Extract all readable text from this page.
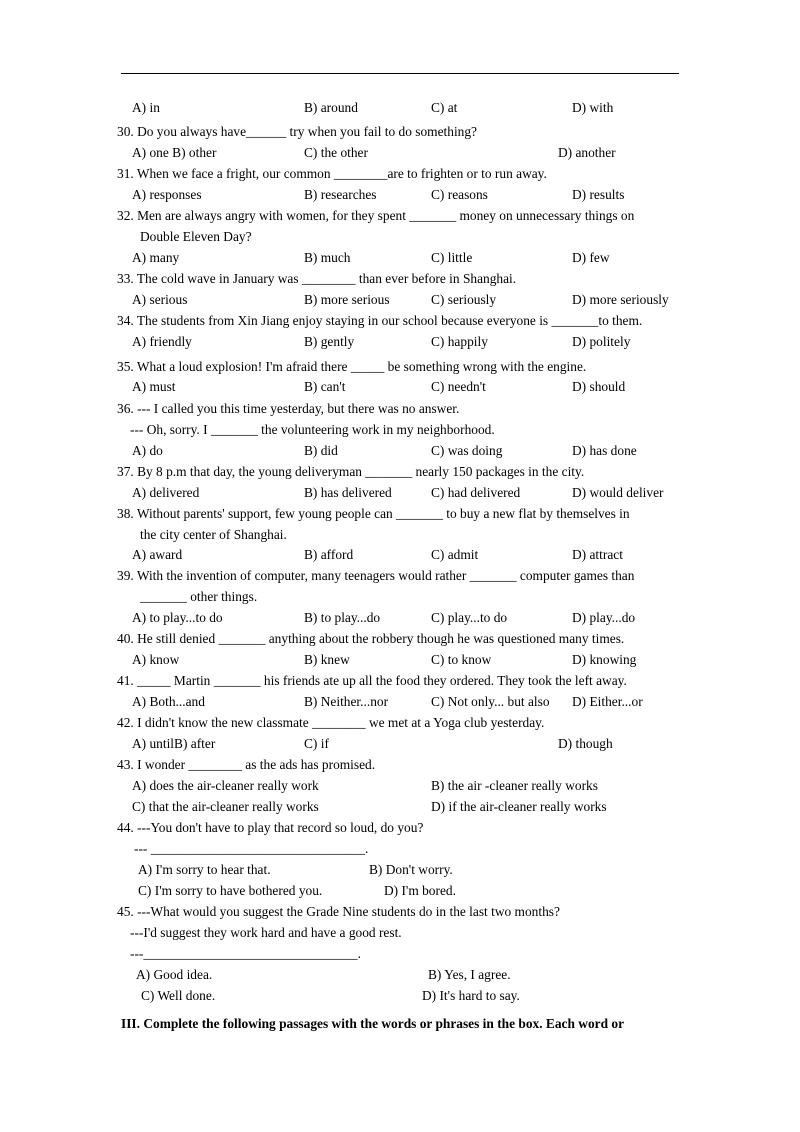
A) in	B) around	C) at	D) with
30. Do you always have______ try when you fail to do something?
A) one B) other	C) the other	D) another
31. When we face a fright, our common ________are to frighten or to run away.
A) responses	B) researches	C) reasons	D) results
32. Men are always angry with women, for they spent _______ money on unnecessary things on
Double Eleven Day?
A) many	B) much	C) little	D) few
33. The cold wave in January was ________ than ever before in Shanghai.
A) serious	B) more serious	C) seriously	D) more seriously
34. The students from Xin Jiang enjoy staying in our school because everyone is _______to them.
A) friendly	B) gently	C) happily	D) politely
35. What a loud explosion! I'm afraid there _____ be something wrong with the engine.
A) must	B) can't	C) needn't	D) should
36. --- I called you this time yesterday, but there was no answer.
--- Oh, sorry. I _______ the volunteering work in my neighborhood.
A) do	B) did	C) was doing	D) has done
37. By 8 p.m that day, the young deliveryman _______ nearly 150 packages in the city.
A) delivered	B) has delivered	C) had delivered	D) would deliver
38. Without parents' support, few young people can _______ to buy a new flat by themselves in
the city center of Shanghai.
A) award	B) afford	C) admit	D) attract
39. With the invention of computer, many teenagers would rather _______ computer games than
_______ other things.
A) to play...to do	B) to play...do	C) play...to do	D) play...do
40. He still denied _______ anything about the robbery though he was questioned many times.
A) know	B) knew	C) to know	D) knowing
41. _____ Martin _______ his friends ate up all the food they ordered. They took the left away.
A) Both...and	B) Neither...nor	C) Not only... but also D) Either...or
42. I didn't know the new classmate ________ we met at a Yoga club yesterday.
A) untilB) after	C) if	D) though
43. I wonder ________ as the ads has promised.
A) does the air-cleaner really work	B) the air -cleaner really works
C) that the air-cleaner really works	D) if the air-cleaner really works
44. ---You don't have to play that record so loud, do you?
--- ________________________________.
A) I'm sorry to hear that.	B) Don't worry.
C) I'm sorry to have bothered you.	D) I'm bored.
45. ---What would you suggest the Grade Nine students do in the last two months?
---I'd suggest they work hard and have a good rest.
---________________________________.
A) Good idea.	B) Yes, I agree.
C) Well done.	D) It's hard to say.
III. Complete the following passages with the words or phrases in the box. Each word or
